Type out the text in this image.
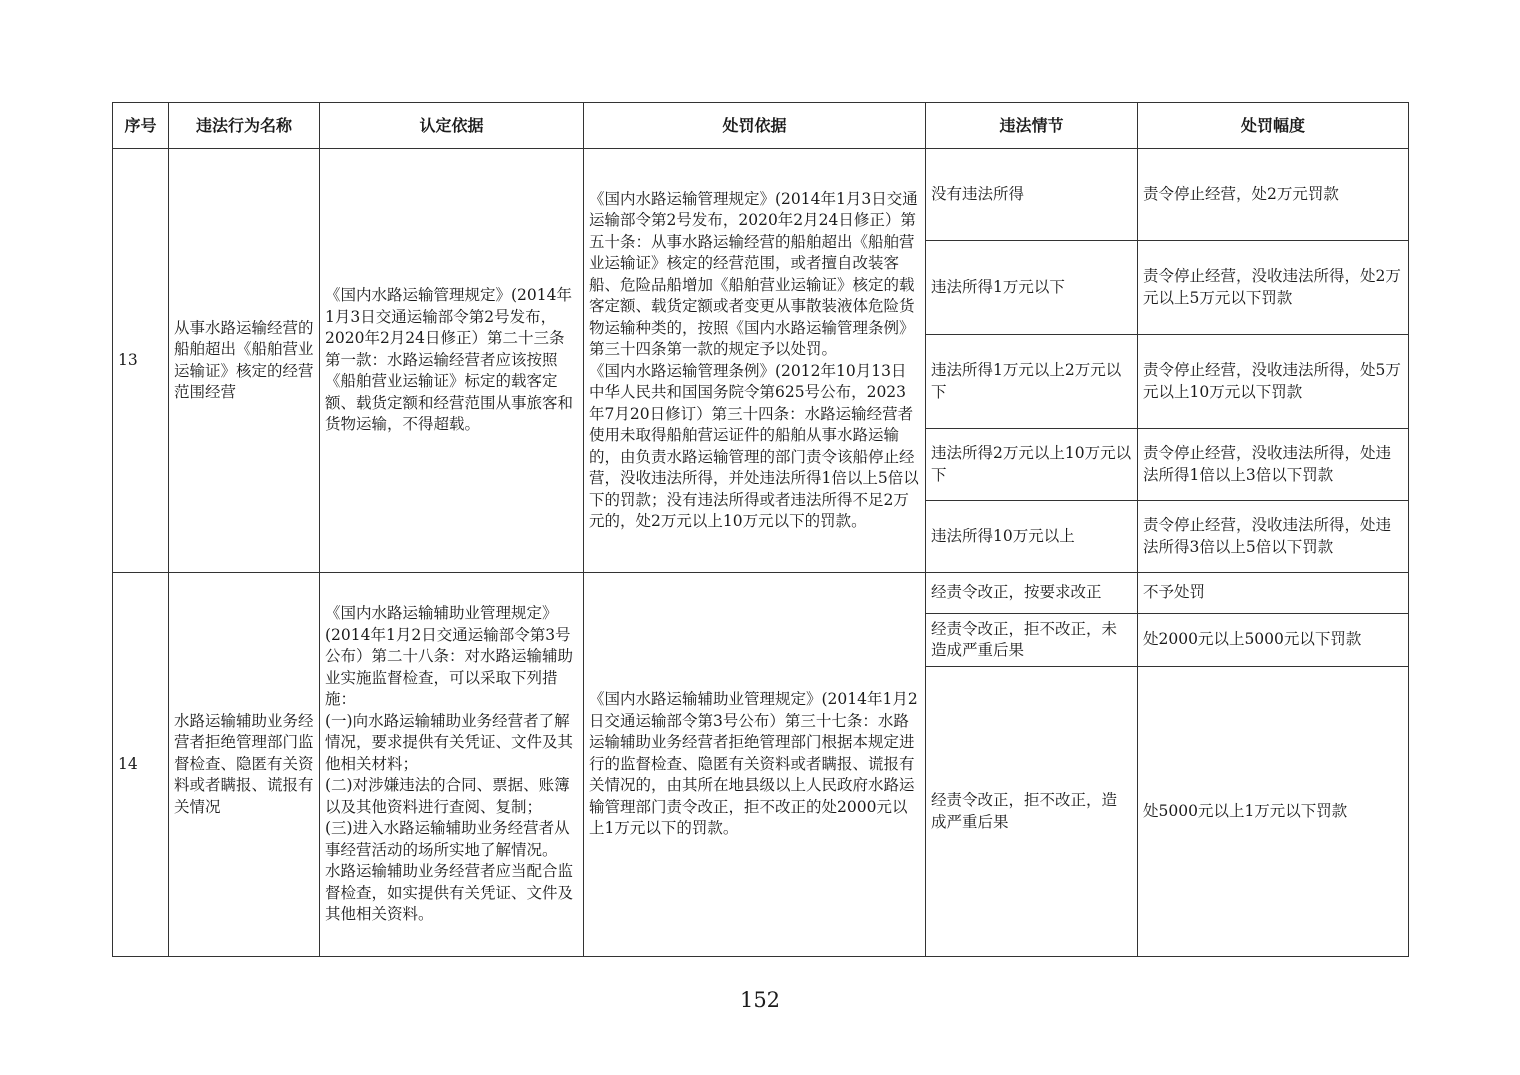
序号	违法行为名称	认定依据	处罚依据	违法情节	处罚幅度
13	从事水路运输经营的船舶超出《船舶营业运输证》核定的经营范围经营	《国内水路运输管理规定》(2014年1月3日交通运输部令第2号发布，2020年2月24日修正）第二十三条第一款：水路运输经营者应该按照《船舶营业运输证》标定的载客定额、载货定额和经营范围从事旅客和货物运输，不得超载。	《国内水路运输管理规定》(2014年1月3日交通运输部令第2号发布，2020年2月24日修正）第五十条：从事水路运输经营的船舶超出《船舶营业运输证》核定的经营范围，或者擅自改装客船、危险品船增加《船舶营业运输证》核定的载客定额、载货定额或者变更从事散装液体危险货物运输种类的，按照《国内水路运输管理条例》第三十四条第一款的规定予以处罚。
《国内水路运输管理条例》(2012年10月13日中华人民共和国国务院令第625号公布，2023年7月20日修订）第三十四条：水路运输经营者使用未取得船舶营运证件的船舶从事水路运输的，由负责水路运输管理的部门责令该船停止经营，没收违法所得，并处违法所得1倍以上5倍以下的罚款；没有违法所得或者违法所得不足2万元的，处2万元以上10万元以下的罚款。	没有违法所得	责令停止经营，处2万元罚款
				违法所得1万元以下	责令停止经营，没收违法所得，处2万元以上5万元以下罚款
				违法所得1万元以上2万元以下	责令停止经营，没收违法所得，处5万元以上10万元以下罚款
				违法所得2万元以上10万元以下	责令停止经营，没收违法所得，处违法所得1倍以上3倍以下罚款
				违法所得10万元以上	责令停止经营，没收违法所得，处违法所得3倍以上5倍以下罚款
14	水路运输辅助业务经营者拒绝管理部门监督检查、隐匿有关资料或者瞒报、谎报有关情况	《国内水路运输辅助业管理规定》(2014年1月2日交通运输部令第3号公布）第二十八条：对水路运输辅助业实施监督检查，可以采取下列措施：
(一)向水路运输辅助业务经营者了解情况，要求提供有关凭证、文件及其他相关材料；
(二)对涉嫌违法的合同、票据、账簿以及其他资料进行查阅、复制；
(三)进入水路运输辅助业务经营者从事经营活动的场所实地了解情况。
水路运输辅助业务经营者应当配合监督检查，如实提供有关凭证、文件及其他相关资料。	《国内水路运输辅助业管理规定》(2014年1月2日交通运输部令第3号公布）第三十七条：水路运输辅助业务经营者拒绝管理部门根据本规定进行的监督检查、隐匿有关资料或者瞒报、谎报有关情况的，由其所在地县级以上人民政府水路运输管理部门责令改正，拒不改正的处2000元以上1万元以下的罚款。	经责令改正，按要求改正	不予处罚
				经责令改正，拒不改正，未造成严重后果	处2000元以上5000元以下罚款
				经责令改正，拒不改正，造成严重后果	处5000元以上1万元以下罚款
152
